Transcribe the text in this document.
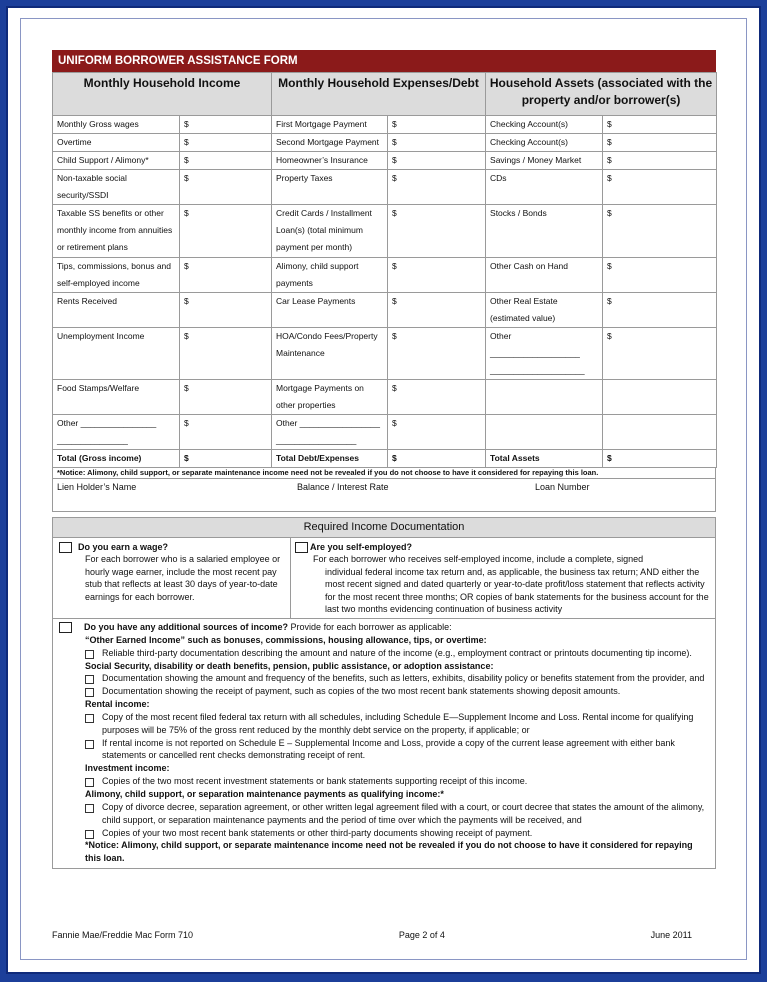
UNIFORM BORROWER ASSISTANCE FORM
Monthly Household Income		Monthly Household Expenses/Debt		Household Assets (associated with the property and/or borrower(s)	
Monthly Gross wages	$	First Mortgage Payment	$	Checking Account(s)	$
Overtime	$	Second Mortgage Payment	$	Checking Account(s)	$
Child Support / Alimony*	$	Homeowner’s Insurance	$	Savings / Money Market	$
Non-taxable social security/SSDI	$	Property Taxes	$	CDs	$
Taxable SS benefits or other monthly income from annuities or retirement plans	$	Credit Cards / Installment Loan(s) (total minimum payment per month)	$	Stocks / Bonds	$
Tips, commissions, bonus and self-employed income	$	Alimony, child support payments	$	Other Cash on Hand	$
Rents Received	$	Car Lease Payments	$	Other Real Estate (estimated value)	$
Unemployment Income	$	HOA/Condo Fees/Property Maintenance	$	Other ___________________ ____________________	$
Food Stamps/Welfare	$	Mortgage Payments on other properties	$		
Other ________________ _______________	$	Other _________________ _________________	$		
Total (Gross income)	$	Total Debt/Expenses	$	Total Assets	$
*Notice: Alimony, child support, or separate maintenance income need not be revealed if you do not choose to have it considered for repaying this loan.
Lien Holder’s Name	Balance / Interest Rate	Loan Number
Required Income Documentation
Do you earn a wage?
For each borrower who is a salaried employee or hourly wage earner, include the most recent pay stub that reflects at least 30 days of year-to-date earnings for each borrower.
Are you self-employed?
For each borrower who receives self-employed income, include a complete, signed
individual federal income tax return and, as applicable, the business tax return; AND either the most recent signed and dated quarterly or year-to-date profit/loss statement that reflects activity for the most recent three months; OR copies of bank statements for the business account for the last two months evidencing continuation of business activity
Do you have any additional sources of income? Provide for each borrower as applicable:
“Other Earned Income” such as bonuses, commissions, housing allowance, tips, or overtime:
Reliable third-party documentation describing the amount and nature of the income (e.g., employment contract or printouts documenting tip income).
Social Security, disability or death benefits, pension, public assistance, or adoption assistance:
Documentation showing the amount and frequency of the benefits, such as letters, exhibits, disability policy or benefits statement from the provider, and
Documentation showing the receipt of payment, such as copies of the two most recent bank statements showing deposit amounts.
Rental income:
Copy of the most recent filed federal tax return with all schedules, including Schedule E—Supplement Income and Loss. Rental income for qualifying purposes will be 75% of the gross rent reduced by the monthly debt service on the property, if applicable; or
If rental income is not reported on Schedule E – Supplemental Income and Loss, provide a copy of the current lease agreement with either bank statements or cancelled rent checks demonstrating receipt of rent.
Investment income:
Copies of the two most recent investment statements or bank statements supporting receipt of this income.
Alimony, child support, or separation maintenance payments as qualifying income:*
Copy of divorce decree, separation agreement, or other written legal agreement filed with a court, or court decree that states the amount of the alimony, child support, or separation maintenance payments and the period of time over which the payments will be received, and
Copies of your two most recent bank statements or other third-party documents showing receipt of payment.
*Notice: Alimony, child support, or separate maintenance income need not be revealed if you do not choose to have it considered for repaying this loan.
Fannie Mae/Freddie Mac Form 710	Page 2 of 4	June 2011
